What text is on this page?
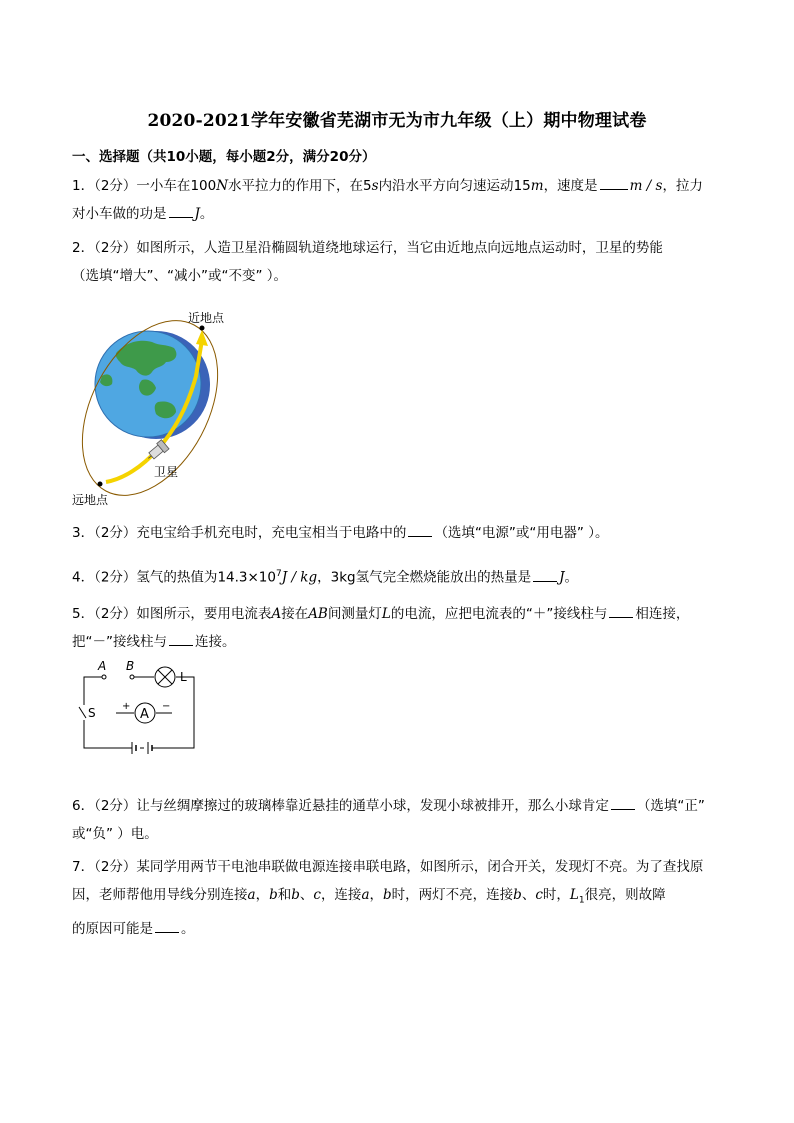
2020-2021学年安徽省芜湖市无为市九年级（上）期中物理试卷
一、选择题（共10小题，每小题2分，满分20分）

1．（2分）一小车在100N水平拉力的作用下，在5s内沿水平方向匀速运动15m，速度是 m / s，拉力

对小车做的功是 J。

2．（2分）如图所示，人造卫星沿椭圆轨道绕地球运行，当它由近地点向远地点运动时，卫星的势能

（选填“增大”、“减小”或“不变” ）。

近地点
远地点
卫星

3．（2分）充电宝给手机充电时，充电宝相当于电路中的 （选填“电源”或“用电器” ）。

4．（2分）氢气的热值为$14.3\times 10^7J$ / kg，3kg氢气完全燃烧能放出的热量是 J。

5．（2分）如图所示，要用电流表A接在AB间测量灯L的电流，应把电流表的“＋”接线柱与 相连接，

把“－”接线柱与 连接。

A
+	−
A B
L
S

6．（2分）让与丝绸摩擦过的玻璃棒靠近悬挂的通草小球，发现小球被排开，那么小球肯定 （选填“正”

或“负” ）电。

7．（2分）某同学用两节干电池串联做电源连接串联电路，如图所示，闭合开关，发现灯不亮。为了查找原

因，老师帮他用导线分别连接a，b和b、c，连接a，b时，两灯不亮，连接b、c时，$L_1$很亮，则故障

的原因可能是 。
